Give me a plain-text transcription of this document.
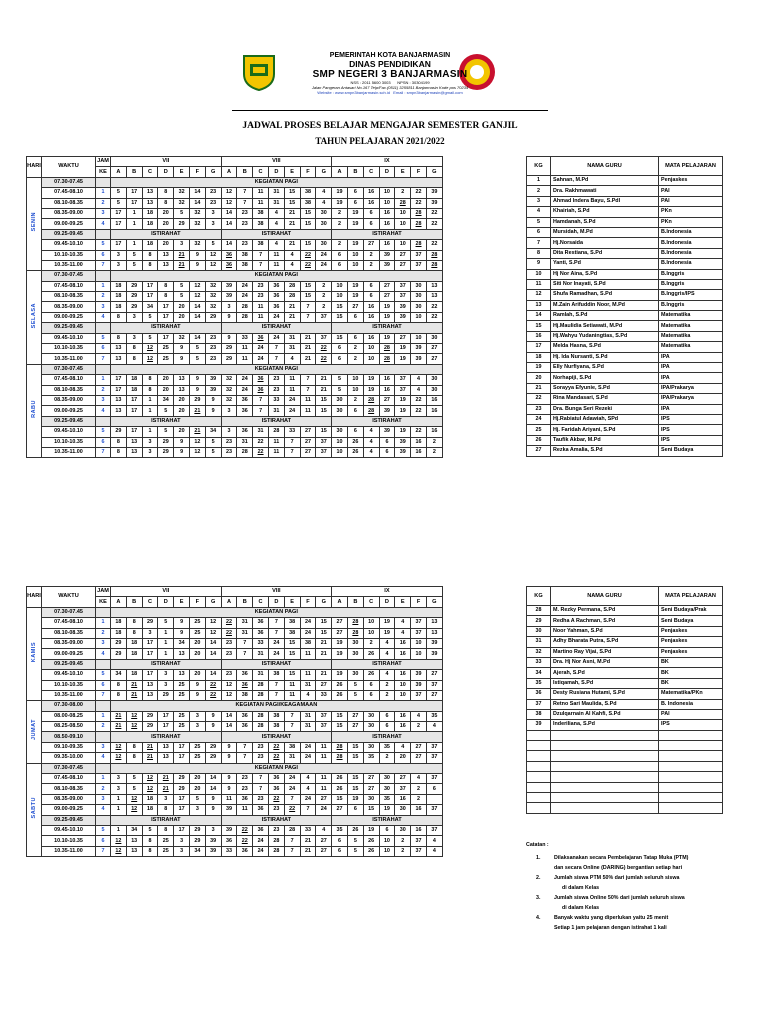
PEMERINTAH KOTA BANJARMASIN
DINAS PENDIDIKAN
SMP NEGERI 3 BANJARMASIN
NSS : 2011 5600 3003 NPSN : 30304199
Jalan Pangeran Antasari No.167 Telp/Fax.(0511) 3255811 Banjarmasin Kode pos 70234
Website : www.smpn3banjarmasin.sch.id Email : smpn3banjarmasin@gmail.com
JADWAL PROSES BELAJAR MENGAJAR SEMESTER GANJIL
TAHUN PELAJARAN 2021/2022
HARI	WAKTU	JAM	VII							VIII							IX						
		KE	A	B	C	D	E	F	G	A	B	C	D	E	F	G	A	B	C	D	E	F	G
SENIN	07.30-07.45		KEGIATAN PAGI																				
	07.45-08.10	1	5	17	13	8	32	14	23	12	7	11	31	15	38	4	19	6	16	10	2	22	39
	08.10-08.35	2	5	17	13	8	32	14	23	12	7	11	31	15	38	4	19	6	16	10	28	22	39
	08.35-09.00	3	17	1	18	20	5	32	3	14	23	38	4	21	15	30	2	19	6	16	10	28	22
	09.00-09.25	4	17	1	18	20	29	32	3	14	23	38	4	21	15	30	2	19	6	16	10	28	22
	09.25-09.45		ISTIRAHAT							ISTIRAHAT							ISTIRAHAT						
	09.45-10.10	5	17	1	18	20	3	32	5	14	23	38	4	21	15	30	2	19	27	16	10	28	22
	10.10-10.35	6	3	5	8	13	21	9	12	36	38	7	11	4	22	24	6	10	2	39	27	37	28
	10.35-11.00	7	3	5	8	13	21	9	12	36	38	7	11	4	22	24	6	10	2	39	27	37	28
SELASA	07.30-07.45		KEGIATAN PAGI																				
	07.45-08.10	1	18	29	17	8	5	12	32	39	24	23	36	28	15	2	10	19	6	27	37	30	13
	08.10-08.35	2	18	29	17	8	5	12	32	39	24	23	36	28	15	2	10	19	6	27	37	30	13
	08.35-09.00	3	18	29	34	17	20	14	32	3	28	11	36	21	7	2	15	27	16	19	39	30	22
	09.00-09.25	4	8	3	5	17	20	14	29	9	28	11	24	21	7	37	15	6	16	19	39	10	22
	09.25-09.45		ISTIRAHAT							ISTIRAHAT							ISTIRAHAT						
	09.45-10.10	5	8	3	5	17	32	14	23	9	33	36	24	31	21	37	15	6	16	19	27	10	30
	10.10-10.35	6	13	8	12	25	9	5	23	29	11	24	7	31	21	22	6	2	10	28	19	39	27
	10.35-11.00	7	13	8	12	25	9	5	23	29	11	24	7	4	21	22	6	2	10	28	19	39	27
RABU	07.30-07.45		KEGIATAN PAGI																				
	07.45-08.10	1	17	18	8	20	13	9	39	32	24	36	23	11	7	21	5	10	19	16	37	4	30
	08.10-08.35	2	17	18	8	20	13	9	39	32	24	36	23	11	7	21	5	10	19	16	37	4	30
	08.35-09.00	3	13	17	1	34	20	29	9	32	36	7	33	24	11	15	30	2	28	27	19	22	16
	09.00-09.25	4	13	17	1	5	20	21	9	3	36	7	31	24	11	15	30	6	28	39	19	22	16
	09.25-09.45		ISTIRAHAT							ISTIRAHAT							ISTIRAHAT						
	09.45-10.10	5	29	17	1	5	20	21	34	3	36	31	28	33	27	15	30	6	4	39	19	22	16
	10.10-10.35	6	8	13	3	29	9	12	5	23	31	22	11	7	27	37	10	26	4	6	39	16	2
	10.35-11.00	7	8	13	3	29	9	12	5	23	28	22	11	7	27	37	10	26	4	6	39	16	2
HARI	WAKTU	JAM	VII							VIII							IX						
		KE	A	B	C	D	E	F	G	A	B	C	D	E	F	G	A	B	C	D	E	F	G
KAMIS	07.30-07.45		KEGIATAN PAGI																				
	07.45-08.10	1	18	8	29	5	9	25	12	22	31	36	7	38	24	15	27	28	10	19	4	37	13
	08.10-08.35	2	18	8	3	1	9	25	12	22	31	36	7	38	24	15	27	28	10	19	4	37	13
	08.35-09.00	3	29	18	17	1	34	20	14	23	7	33	24	15	38	21	19	30	2	4	16	10	39
	09.00-09.25	4	29	18	17	1	13	20	14	23	7	31	24	15	11	21	19	30	26	4	16	10	39
	09.25-09.45		ISTIRAHAT							ISTIRAHAT							ISTIRAHAT						
	09.45-10.10	5	34	18	17	3	13	20	14	23	36	31	38	15	11	21	19	30	26	4	16	39	27
	10.10-10.35	6	8	21	13	3	25	9	22	12	36	28	7	11	31	27	26	5	6	2	10	39	37
	10.35-11.00	7	8	21	13	29	25	9	22	12	38	28	7	11	4	33	26	5	6	2	10	37	27
JUMAT	07.30-08.00		KEGIATAN PAGI/KEAGAMAAN																				
	08.00-08.25	1	21	12	29	17	25	3	9	14	36	28	38	7	31	37	15	27	30	6	16	4	35
	08.25-08.50	2	21	12	29	17	25	3	9	14	36	28	38	7	31	37	15	27	30	6	16	2	4
	08.50-09.10		ISTIRAHAT							ISTIRAHAT							ISTIRAHAT						
	09.10-09.35	3	12	8	21	13	17	25	29	9	7	23	22	38	24	11	28	15	30	35	4	27	37
	09.35-10.00	4	12	8	21	13	17	25	29	9	7	23	22	31	24	11	28	15	35	2	20	27	37
SABTU	07.30-07.45		KEGIATAN PAGI																				
	07.45-08.10	1	3	5	12	21	29	20	14	9	23	7	36	24	4	11	26	15	27	30	27	4	37
	08.10-08.35	2	3	5	12	21	29	20	14	9	23	7	36	24	4	11	26	15	27	30	37	2	6
	08.35-09.00	3	1	12	18	3	17	5	9	11	36	23	22	7	24	27	15	19	30	35	16	2	
	09.00-09.25	4	1	12	18	8	17	3	9	39	11	36	23	22	7	24	27	6	15	19	30	16	37
	09.25-09.45		ISTIRAHAT							ISTIRAHAT							ISTIRAHAT						
	09.45-10.10	5	1	34	5	8	17	29	3	39	22	36	23	28	33	4	35	26	19	6	30	16	37
	10.10-10.35	6	12	13	8	25	3	29	39	36	22	24	28	7	21	27	6	5	26	10	2	37	4
	10.35-11.00	7	12	13	8	25	3	34	39	33	36	24	28	7	21	27	6	5	26	10	2	37	4
KG	NAMA GURU	MATA PELAJARAN
1	Sahnan, M.Pd	Penjaskes
2	Dra. Rakhmawati	PAI
3	Ahmad Indera Bayu, S.Pdl	PAI
4	Khairiah, S.Pd	PKn
5	Hamdanah, S.Pd	PKn
6	Mursidah, M.Pd	B.Indonesia
7	Hj.Norsaida	B.Indonesia
8	Dita Restiana, S.Pd	B.Indonesia
9	Yanti, S.Pd	B.Indonesia
10	Hj Nor Aina, S.Pd	B.Inggris
11	Siti Nor Inayati, S.Pd	B.Inggris
12	Shufa Ramadhan, S.Pd	B.Inggris/IPS
13	M.Zain Arifuddin Noor, M.Pd	B.Inggris
14	Ramlah, S.Pd	Matematika
15	Hj.Maulidia Setiawati, M.Pd	Matematika
16	Hj.Wahyu Yudaningtias, S.Pd	Matematika
17	Melda Hasna, S.Pd	Matematika
18	Hj. Ida Nursanti, S.Pd	IPA
19	Elly Nurfiyana, S.Pd	IPA
20	Norhapiji, S.Pd	IPA
21	Sorayya Efyunie, S.Pd	IPA/Prakarya
22	Rina Mandasari, S.Pd	IPA/Prakarya
23	Dra. Bunga Seri Rezeki	IPA
24	Hj.Rabiatul Adawiah, SPd	IPS
25	Hj. Faridah Ariyani, S.Pd	IPS
26	Taufik Akbar, M.Pd	IPS
27	Rezka Amalia, S.Pd	Seni Budaya
KG	NAMA GURU	MATA PELAJARAN
28	M. Rezky Permana, S.Pd	Seni Budaya/Prak
29	Redha A Rachman, S.Pd	Seni Budaya
30	Noor Yahman, S.Pd	Penjaskes
31	Adhy Bharata Putra, S.Pd	Penjaskes
32	Martino Ray Vijai, S.Pd	Penjaskes
33	Dra. Hj Nor Asni, M.Pd	BK
34	Ajerah, S.Pd	BK
35	Istiqamah, S.Pd	BK
36	Desty Rusiana Hutami, S.Pd	Matematika/PKn
37	Retno Sari Maulida, S.Pd	B. Indonesia
38	Dzulqarnain Al Kahfi, S.Pd	PAI
39	Inderiliana, S.Pd	IPS

Catatan :
1.	Dilaksanakan secara Pembelajaran Tatap Muka (PTM)
dan secara Online (DARING) bergantian setiap hari
2.	Jumlah siswa PTM 50% dari jumlah seluruh siswa
di dalam Kelas
3.	Jumlah siswa Online 50% dari jumlah seluruh siswa
di dalam Kelas
4.	Banyak waktu yang diperlukan yaitu 25 menit
Setiap 1 jam pelajaran dengan istirahat 1 kali
